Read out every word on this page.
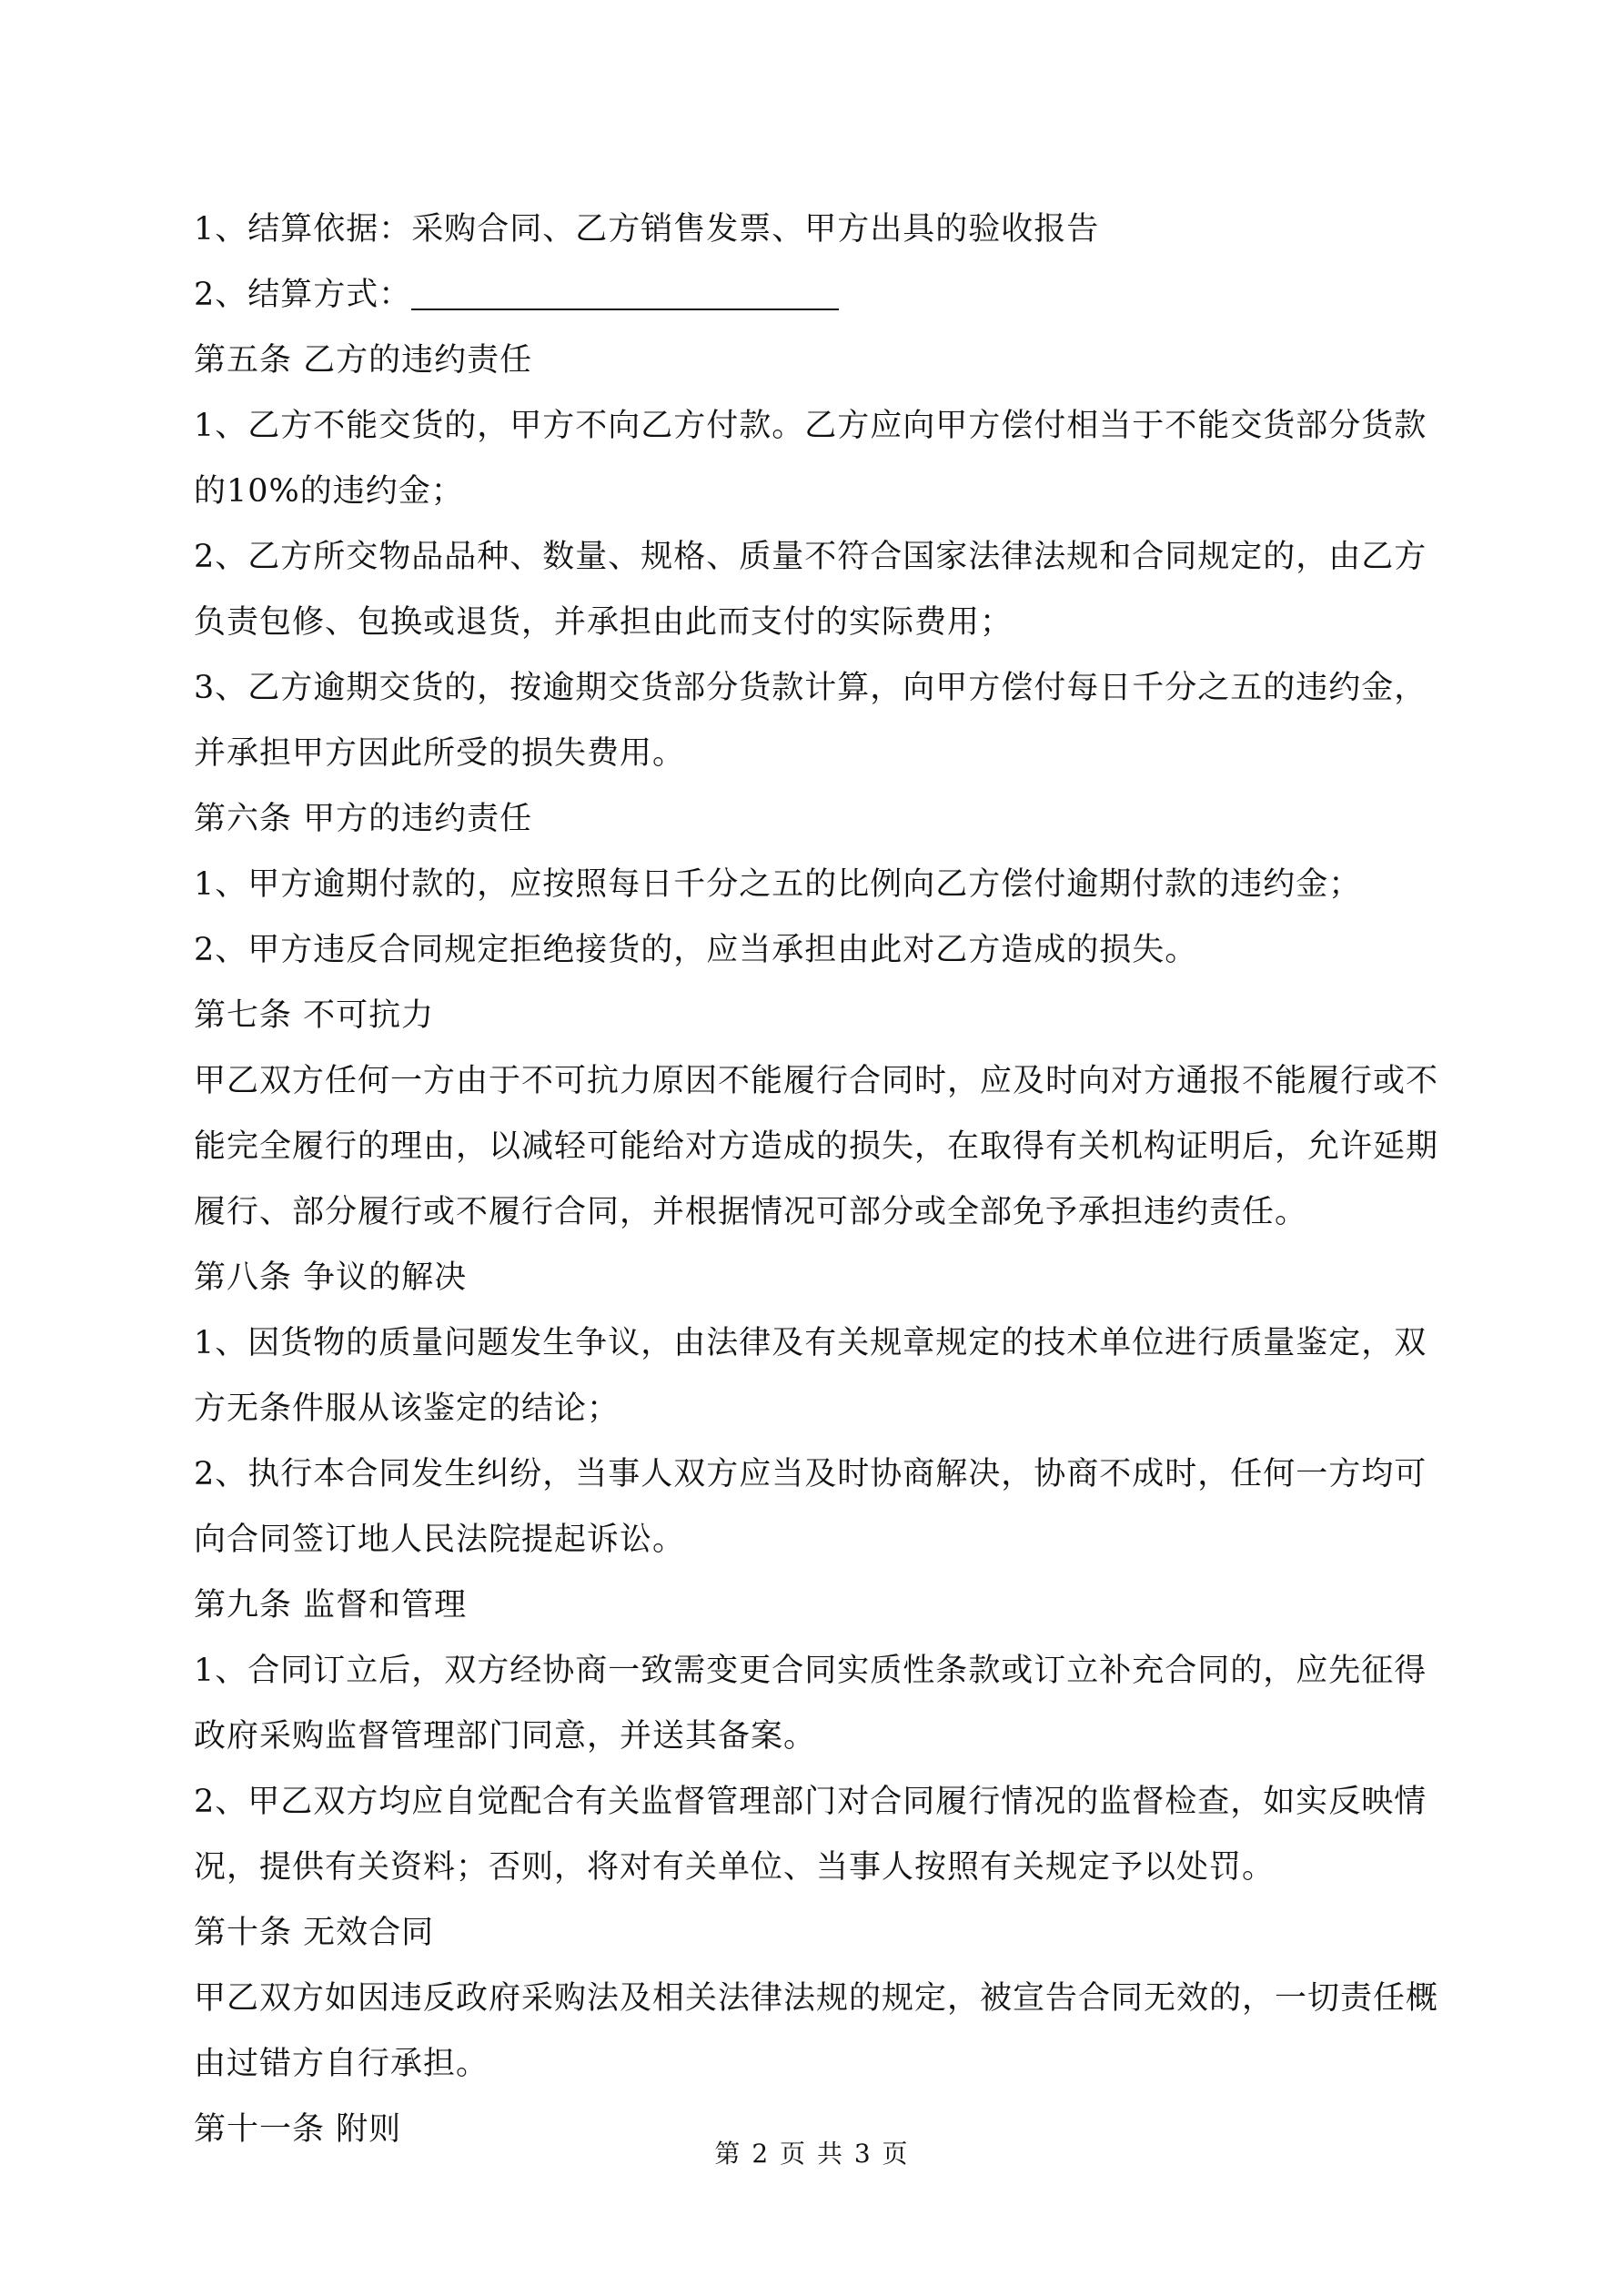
1、结算依据：采购合同、乙方销售发票、甲方出具的验收报告
2、结算方式：
第五条 乙方的违约责任
1、乙方不能交货的，甲方不向乙方付款。乙方应向甲方偿付相当于不能交货部分货款
的10%的违约金；
2、乙方所交物品品种、数量、规格、质量不符合国家法律法规和合同规定的，由乙方
负责包修、包换或退货，并承担由此而支付的实际费用；
3、乙方逾期交货的，按逾期交货部分货款计算，向甲方偿付每日千分之五的违约金，
并承担甲方因此所受的损失费用。
第六条 甲方的违约责任
1、甲方逾期付款的，应按照每日千分之五的比例向乙方偿付逾期付款的违约金；
2、甲方违反合同规定拒绝接货的，应当承担由此对乙方造成的损失。
第七条 不可抗力
甲乙双方任何一方由于不可抗力原因不能履行合同时，应及时向对方通报不能履行或不
能完全履行的理由，以减轻可能给对方造成的损失，在取得有关机构证明后，允许延期
履行、部分履行或不履行合同，并根据情况可部分或全部免予承担违约责任。
第八条 争议的解决
1、因货物的质量问题发生争议，由法律及有关规章规定的技术单位进行质量鉴定，双
方无条件服从该鉴定的结论；
2、执行本合同发生纠纷，当事人双方应当及时协商解决，协商不成时，任何一方均可
向合同签订地人民法院提起诉讼。
第九条 监督和管理
1、合同订立后，双方经协商一致需变更合同实质性条款或订立补充合同的，应先征得
政府采购监督管理部门同意，并送其备案。
2、甲乙双方均应自觉配合有关监督管理部门对合同履行情况的监督检查，如实反映情
况，提供有关资料；否则，将对有关单位、当事人按照有关规定予以处罚。
第十条 无效合同
甲乙双方如因违反政府采购法及相关法律法规的规定，被宣告合同无效的，一切责任概
由过错方自行承担。
第十一条 附则
第 2 页 共 3 页
